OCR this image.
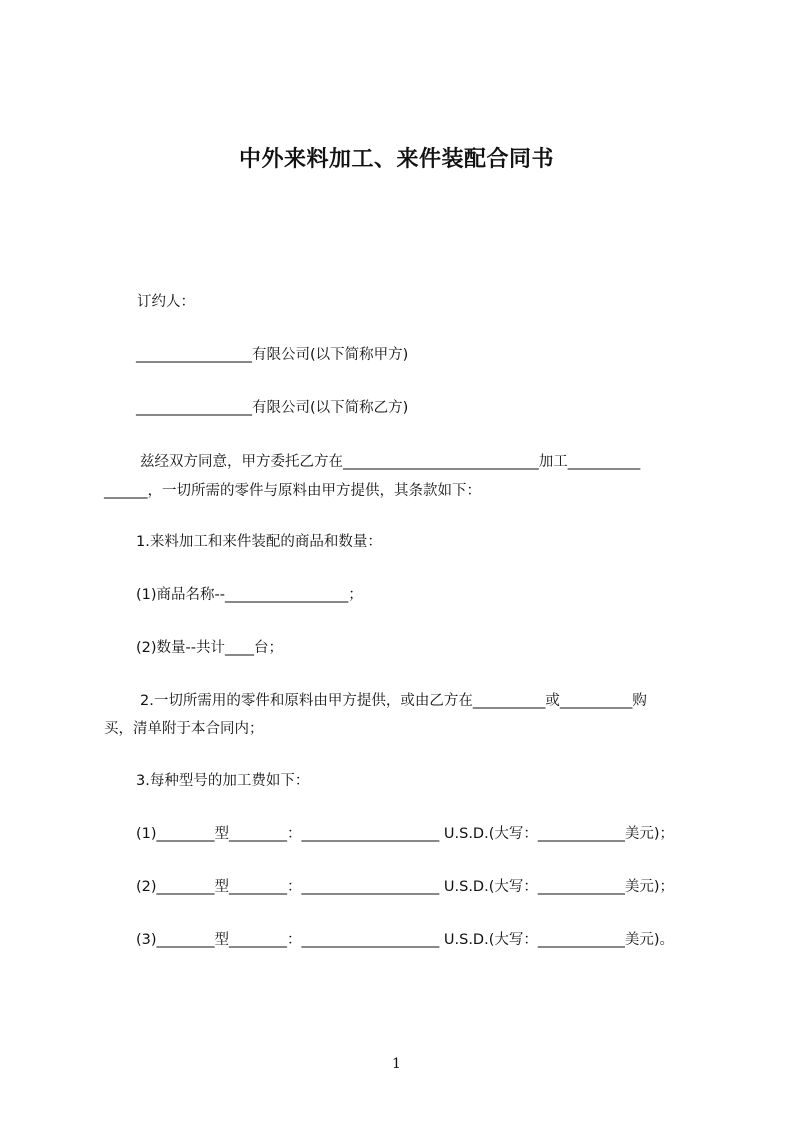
中外来料加工、来件装配合同书
订约人：
________________有限公司(以下简称甲方)
________________有限公司(以下简称乙方)
兹经双方同意，甲方委托乙方在___________________________加工__________
______，一切所需的零件与原料由甲方提供，其条款如下：
1.来料加工和来件装配的商品和数量：
(1)商品名称--_________________；
(2)数量--共计____台；
2.一切所需用的零件和原料由甲方提供，或由乙方在__________或__________购
买，清单附于本合同内；
3.每种型号的加工费如下：
(1)________型________：___________________ U.S.D.(大写：____________美元)；
(2)________型________：___________________ U.S.D.(大写：____________美元)；
(3)________型________：___________________ U.S.D.(大写：____________美元)。
1
